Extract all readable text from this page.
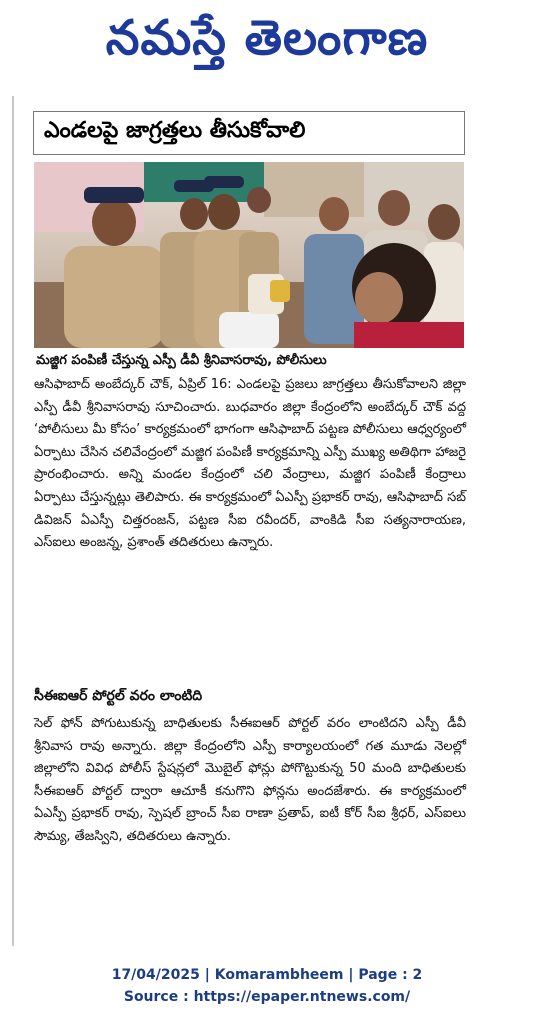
నమస్తే తెలంగాణ
ఎండలపై జాగ్రత్తలు తీసుకోవాలి
మజ్జిగ పంపిణీ చేస్తున్న ఎస్పీ డీవీ శ్రీనివాసరావు, పోలీసులు
ఆసిఫాబాద్ అంబేద్కర్ చౌక్, ఏప్రిల్ 16: ఎండలపై ప్రజలు జాగ్రత్తలు తీసుకోవాలని జిల్లా ఎస్పీ డీవీ శ్రీనివాసరావు సూచించారు. బుధవారం జిల్లా కేంద్రంలోని అంబేద్కర్ చౌక్ వద్ద ‘పోలీసులు మీ కోసం’ కార్యక్రమంలో భాగంగా ఆసిఫాబాద్ పట్టణ పోలీసులు ఆధ్వర్యంలో ఏర్పాటు చేసిన చలివేంద్రంలో మజ్జిగ పంపిణీ కార్యక్రమాన్ని ఎస్పీ ముఖ్య అతిథిగా హాజరై ప్రారంభించారు. అన్ని మండల కేంద్రంలో చలి వేంద్రాలు, మజ్జిగ పంపిణీ కేంద్రాలు ఏర్పాటు చేస్తున్నట్లు తెలిపారు. ఈ కార్యక్రమంలో ఏఎస్పీ ప్రభాకర్ రావు, ఆసిఫాబాద్ సబ్ డివిజన్ ఏఎస్పీ చిత్తరంజన్, పట్టణ సీఐ రవీందర్, వాంకిడి సీఐ సత్యనారాయణ, ఎస్ఐలు అంజన్న, ప్రశాంత్ తదితరులు ఉన్నారు.
సీఈఐఆర్ పోర్టల్ వరం లాంటిది
సెల్ ఫోన్ పోగుటుకున్న బాధితులకు సీఈఐఆర్ పోర్టల్ వరం లాంటిదని ఎస్పీ డీవీ శ్రీనివాస రావు అన్నారు. జిల్లా కేంద్రంలోని ఎస్పీ కార్యాలయంలో గత మూడు నెలల్లో జిల్లాలోని వివిధ పోలీస్ స్టేషన్లలో మొబైల్ ఫోన్లు పోగొట్టుకున్న 50 మంది బాధితులకు సీఈఐఆర్ పోర్టల్ ద్వారా ఆచూకీ కనుగొని ఫోన్లను అందజేశారు. ఈ కార్యక్రమంలో ఏఎస్పీ ప్రభాకర్ రావు, స్పెషల్ బ్రాంచ్ సీఐ రాణా ప్రతాప్, ఐటీ కోర్ సీఐ శ్రీధర్, ఎస్ఐలు సౌమ్య, తేజస్విని, తదితరులు ఉన్నారు.
17/04/2025 | Komarambheem | Page : 2
Source : https://epaper.ntnews.com/
